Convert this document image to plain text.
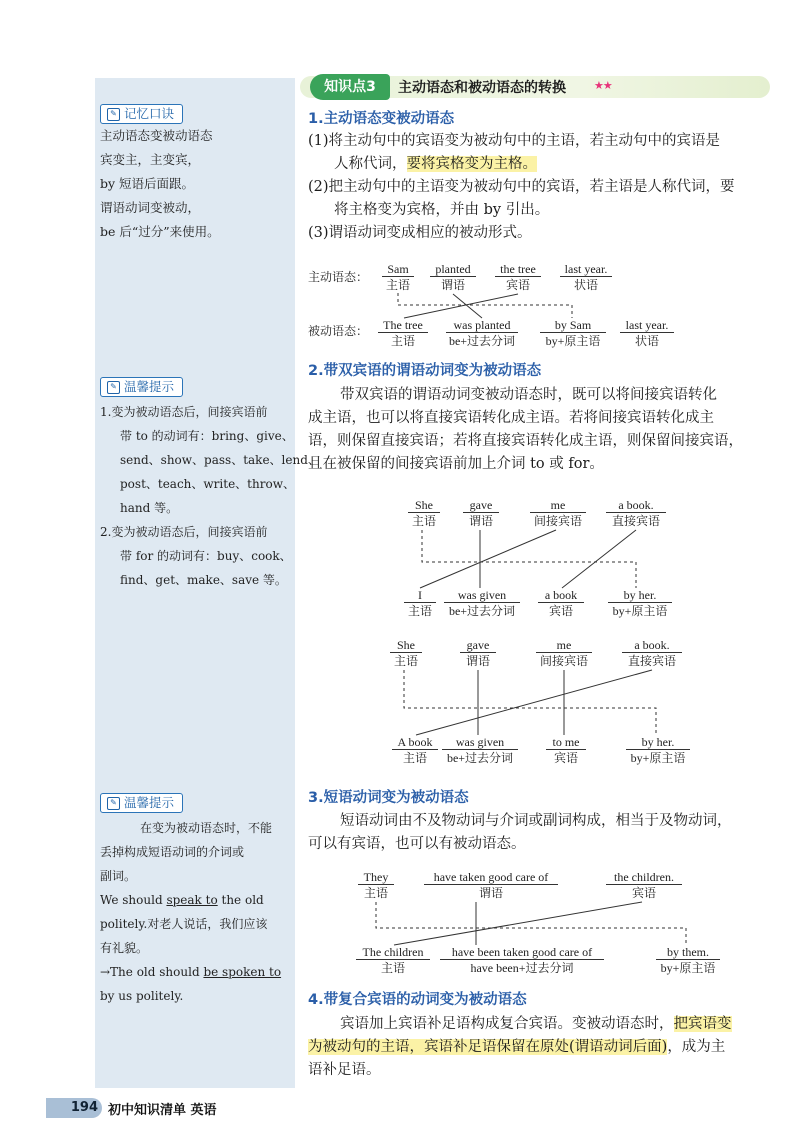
✎ 记忆口诀
主动语态变被动语态
宾变主，主变宾，
by 短语后面跟。
谓语动词变被动，
be 后“过分”来使用。
✎ 温馨提示
1.变为被动语态后，间接宾语前
带 to 的动词有：bring、give、
send、show、pass、take、lend、
post、teach、write、throw、
hand 等。
2.变为被动语态后，间接宾语前
带 for 的动词有：buy、cook、
find、get、make、save 等。
✎ 温馨提示
在变为被动语态时，不能
丢掉构成短语动词的介词或
副词。
We should speak to the old
politely.对老人说话，我们应该
有礼貌。
→The old should be spoken to
by us politely.
知识点3	主动语态和被动语态的转换	★★
1.主动语态变被动语态
(1)将主动句中的宾语变为被动句中的主语，若主动句中的宾语是
人称代词，要将宾格变为主格。
(2)把主动句中的主语变为被动句中的宾语，若主语是人称代词，要
将主格变为宾格，并由 by 引出。
(3)谓语动词变成相应的被动形式。
主动语态：
被动语态：
Sam
主语
planted
谓语
the tree
宾语
last year.
状语
The tree
主语
was planted
be+过去分词
by Sam
by+原主语
last year.
状语
2.带双宾语的谓语动词变为被动语态
带双宾语的谓语动词变被动语态时，既可以将间接宾语转化
成主语，也可以将直接宾语转化成主语。若将间接宾语转化成主
语，则保留直接宾语；若将直接宾语转化成主语，则保留间接宾语，
且在被保留的间接宾语前加上介词 to 或 for。
She
主语
gave
谓语
me
间接宾语
a book.
直接宾语
I
主语
was given
be+过去分词
a book
宾语
by her.
by+原主语
She
主语
gave
谓语
me
间接宾语
a book.
直接宾语
A book
主语
was given
be+过去分词
to me
宾语
by her.
by+原主语
3.短语动词变为被动语态
短语动词由不及物动词与介词或副词构成，相当于及物动词，
可以有宾语，也可以有被动语态。
They
主语
have taken good care of
谓语
the children.
宾语
The children
主语
have been taken good care of
have been+过去分词
by them.
by+原主语
4.带复合宾语的动词变为被动语态
宾语加上宾语补足语构成复合宾语。变被动语态时，把宾语变
为被动句的主语，宾语补足语保留在原处(谓语动词后面)，成为主
语补足语。
194 初中知识清单 英语
